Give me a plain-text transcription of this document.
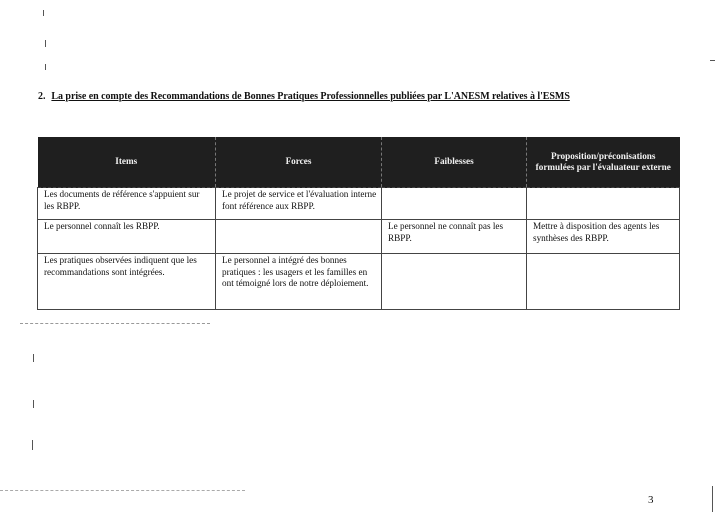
2. La prise en compte des Recommandations de Bonnes Pratiques Professionnelles publiées par L'ANESM relatives à l'ESMS
Items	Forces	Faiblesses	Proposition/préconisations formulées par l'évaluateur externe
Les documents de référence s'appuient sur les RBPP.	Le projet de service et l'évaluation interne font référence aux RBPP.		
Le personnel connaît les RBPP.		Le personnel ne connaît pas les RBPP.	Mettre à disposition des agents les synthèses des RBPP.
Les pratiques observées indiquent que les recommandations sont intégrées.	Le personnel a intégré des bonnes pratiques : les usagers et les familles en ont témoigné lors de notre déploiement.		
3
